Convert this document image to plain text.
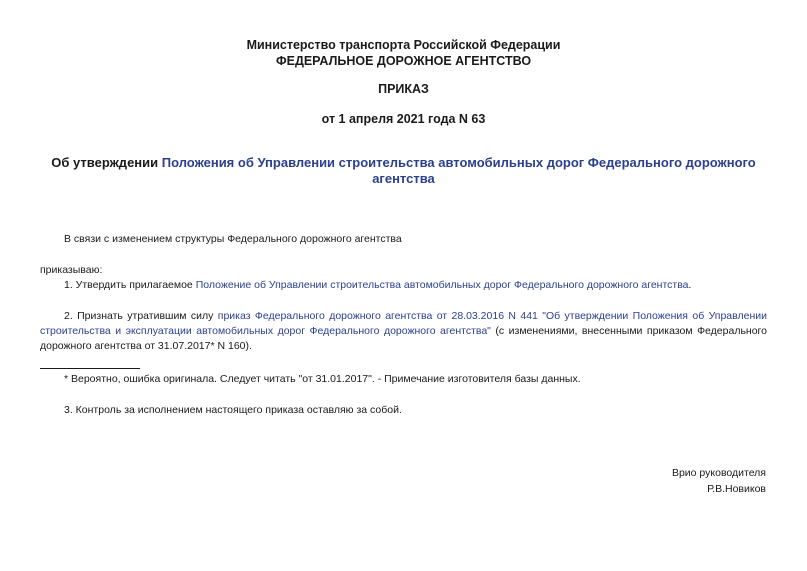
Министерство транспорта Российской Федерации
ФЕДЕРАЛЬНОЕ ДОРОЖНОЕ АГЕНТСТВО
ПРИКАЗ
от 1 апреля 2021 года N 63
Об утверждении Положения об Управлении строительства автомобильных дорог Федерального дорожного агентства
В связи с изменением структуры Федерального дорожного агентства
приказываю:
1. Утвердить прилагаемое Положение об Управлении строительства автомобильных дорог Федерального дорожного агентства.
2. Признать утратившим силу приказ Федерального дорожного агентства от 28.03.2016 N 441 "Об утверждении Положения об Управлении строительства и эксплуатации автомобильных дорог Федерального дорожного агентства" (с изменениями, внесенными приказом Федерального дорожного агентства от 31.07.2017* N 160).
* Вероятно, ошибка оригинала. Следует читать "от 31.01.2017". - Примечание изготовителя базы данных.
3. Контроль за исполнением настоящего приказа оставляю за собой.
Врио руководителя
Р.В.Новиков
